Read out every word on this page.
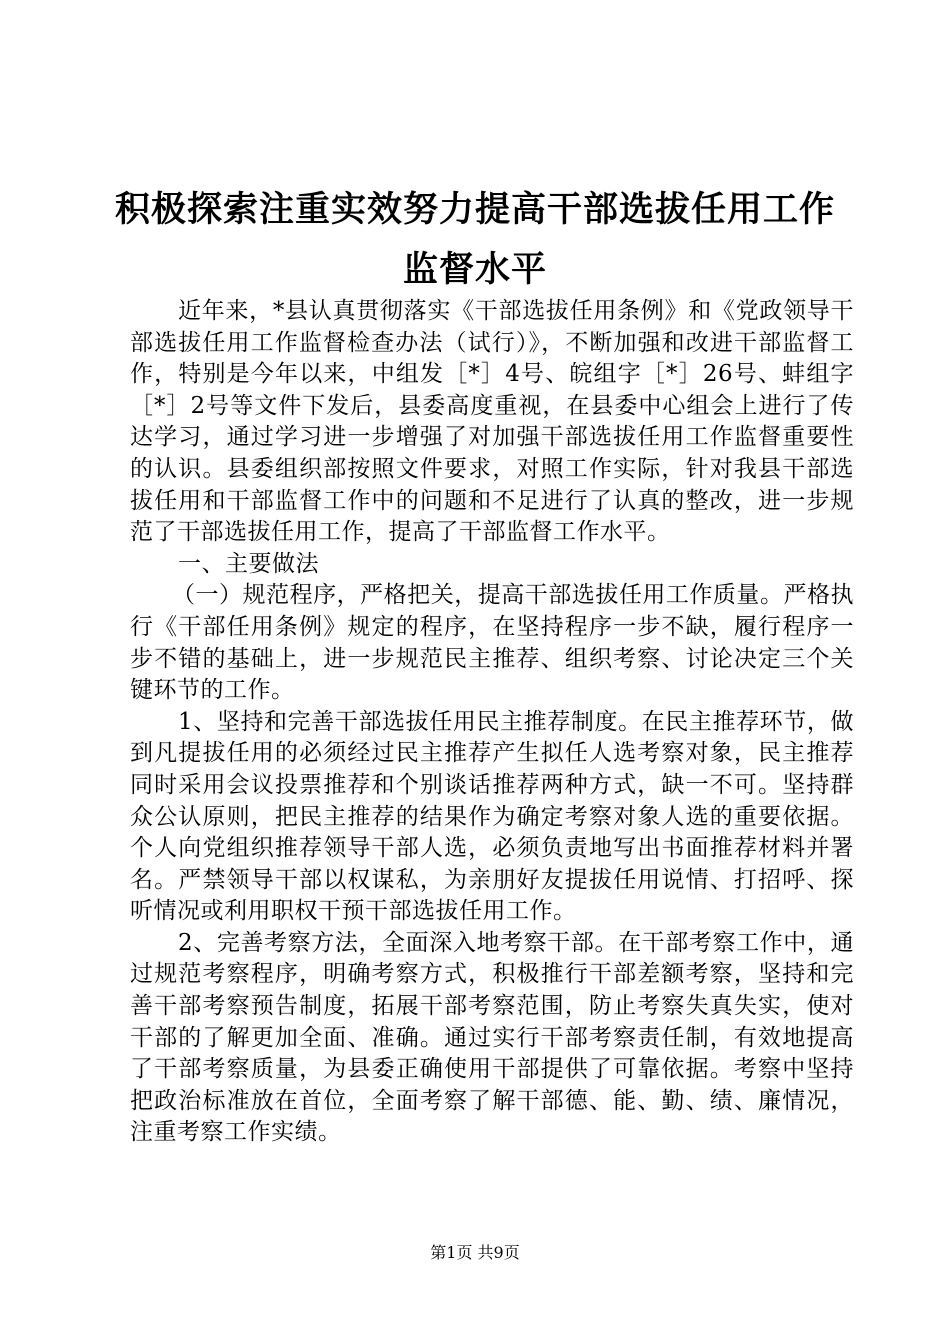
积极探索注重实效努力提高干部选拔任用工作
监督水平

近年来，*县认真贯彻落实《干部选拔任用条例》和《党政领导干部选拔任用工作监督检查办法（试行）》，不断加强和改进干部监督工作，特别是今年以来，中组发［*］4号、皖组字［*］26号、蚌组字［*］2号等文件下发后，县委高度重视，在县委中心组会上进行了传达学习，通过学习进一步增强了对加强干部选拔任用工作监督重要性的认识。县委组织部按照文件要求，对照工作实际，针对我县干部选拔任用和干部监督工作中的问题和不足进行了认真的整改，进一步规范了干部选拔任用工作，提高了干部监督工作水平。

一、主要做法

（一）规范程序，严格把关，提高干部选拔任用工作质量。严格执行《干部任用条例》规定的程序，在坚持程序一步不缺，履行程序一步不错的基础上，进一步规范民主推荐、组织考察、讨论决定三个关键环节的工作。

1、坚持和完善干部选拔任用民主推荐制度。在民主推荐环节，做到凡提拔任用的必须经过民主推荐产生拟任人选考察对象，民主推荐同时采用会议投票推荐和个别谈话推荐两种方式，缺一不可。坚持群众公认原则，把民主推荐的结果作为确定考察对象人选的重要依据。个人向党组织推荐领导干部人选，必须负责地写出书面推荐材料并署名。严禁领导干部以权谋私，为亲朋好友提拔任用说情、打招呼、探听情况或利用职权干预干部选拔任用工作。

2、完善考察方法，全面深入地考察干部。在干部考察工作中，通过规范考察程序，明确考察方式，积极推行干部差额考察，坚持和完善干部考察预告制度，拓展干部考察范围，防止考察失真失实，使对干部的了解更加全面、准确。通过实行干部考察责任制，有效地提高了干部考察质量，为县委正确使用干部提供了可靠依据。考察中坚持把政治标准放在首位，全面考察了解干部德、能、勤、绩、廉情况，注重考察工作实绩。

第1页 共9页
